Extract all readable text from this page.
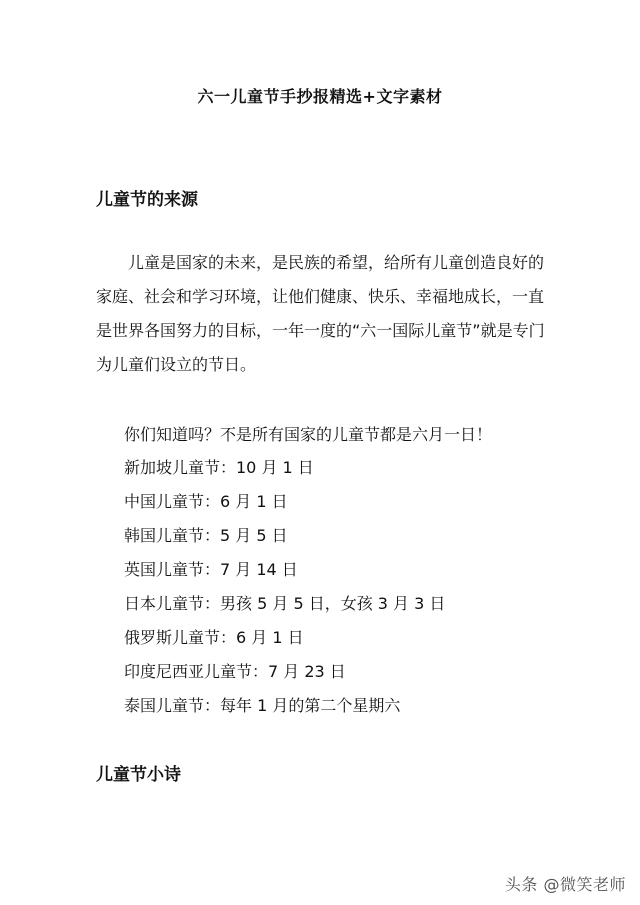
六一儿童节手抄报精选+文字素材
儿童节的来源
儿童是国家的未来，是民族的希望，给所有儿童创造良好的家庭、社会和学习环境，让他们健康、快乐、幸福地成长，一直是世界各国努力的目标，一年一度的“六一国际儿童节”就是专门为儿童们设立的节日。
你们知道吗？不是所有国家的儿童节都是六月一日！
新加坡儿童节：10 月 1 日
中国儿童节：6 月 1 日
韩国儿童节：5 月 5 日
英国儿童节：7 月 14 日
日本儿童节：男孩 5 月 5 日，女孩 3 月 3 日
俄罗斯儿童节：6 月 1 日
印度尼西亚儿童节：7 月 23 日
泰国儿童节：每年 1 月的第二个星期六
儿童节小诗
头条 @微笑老师
